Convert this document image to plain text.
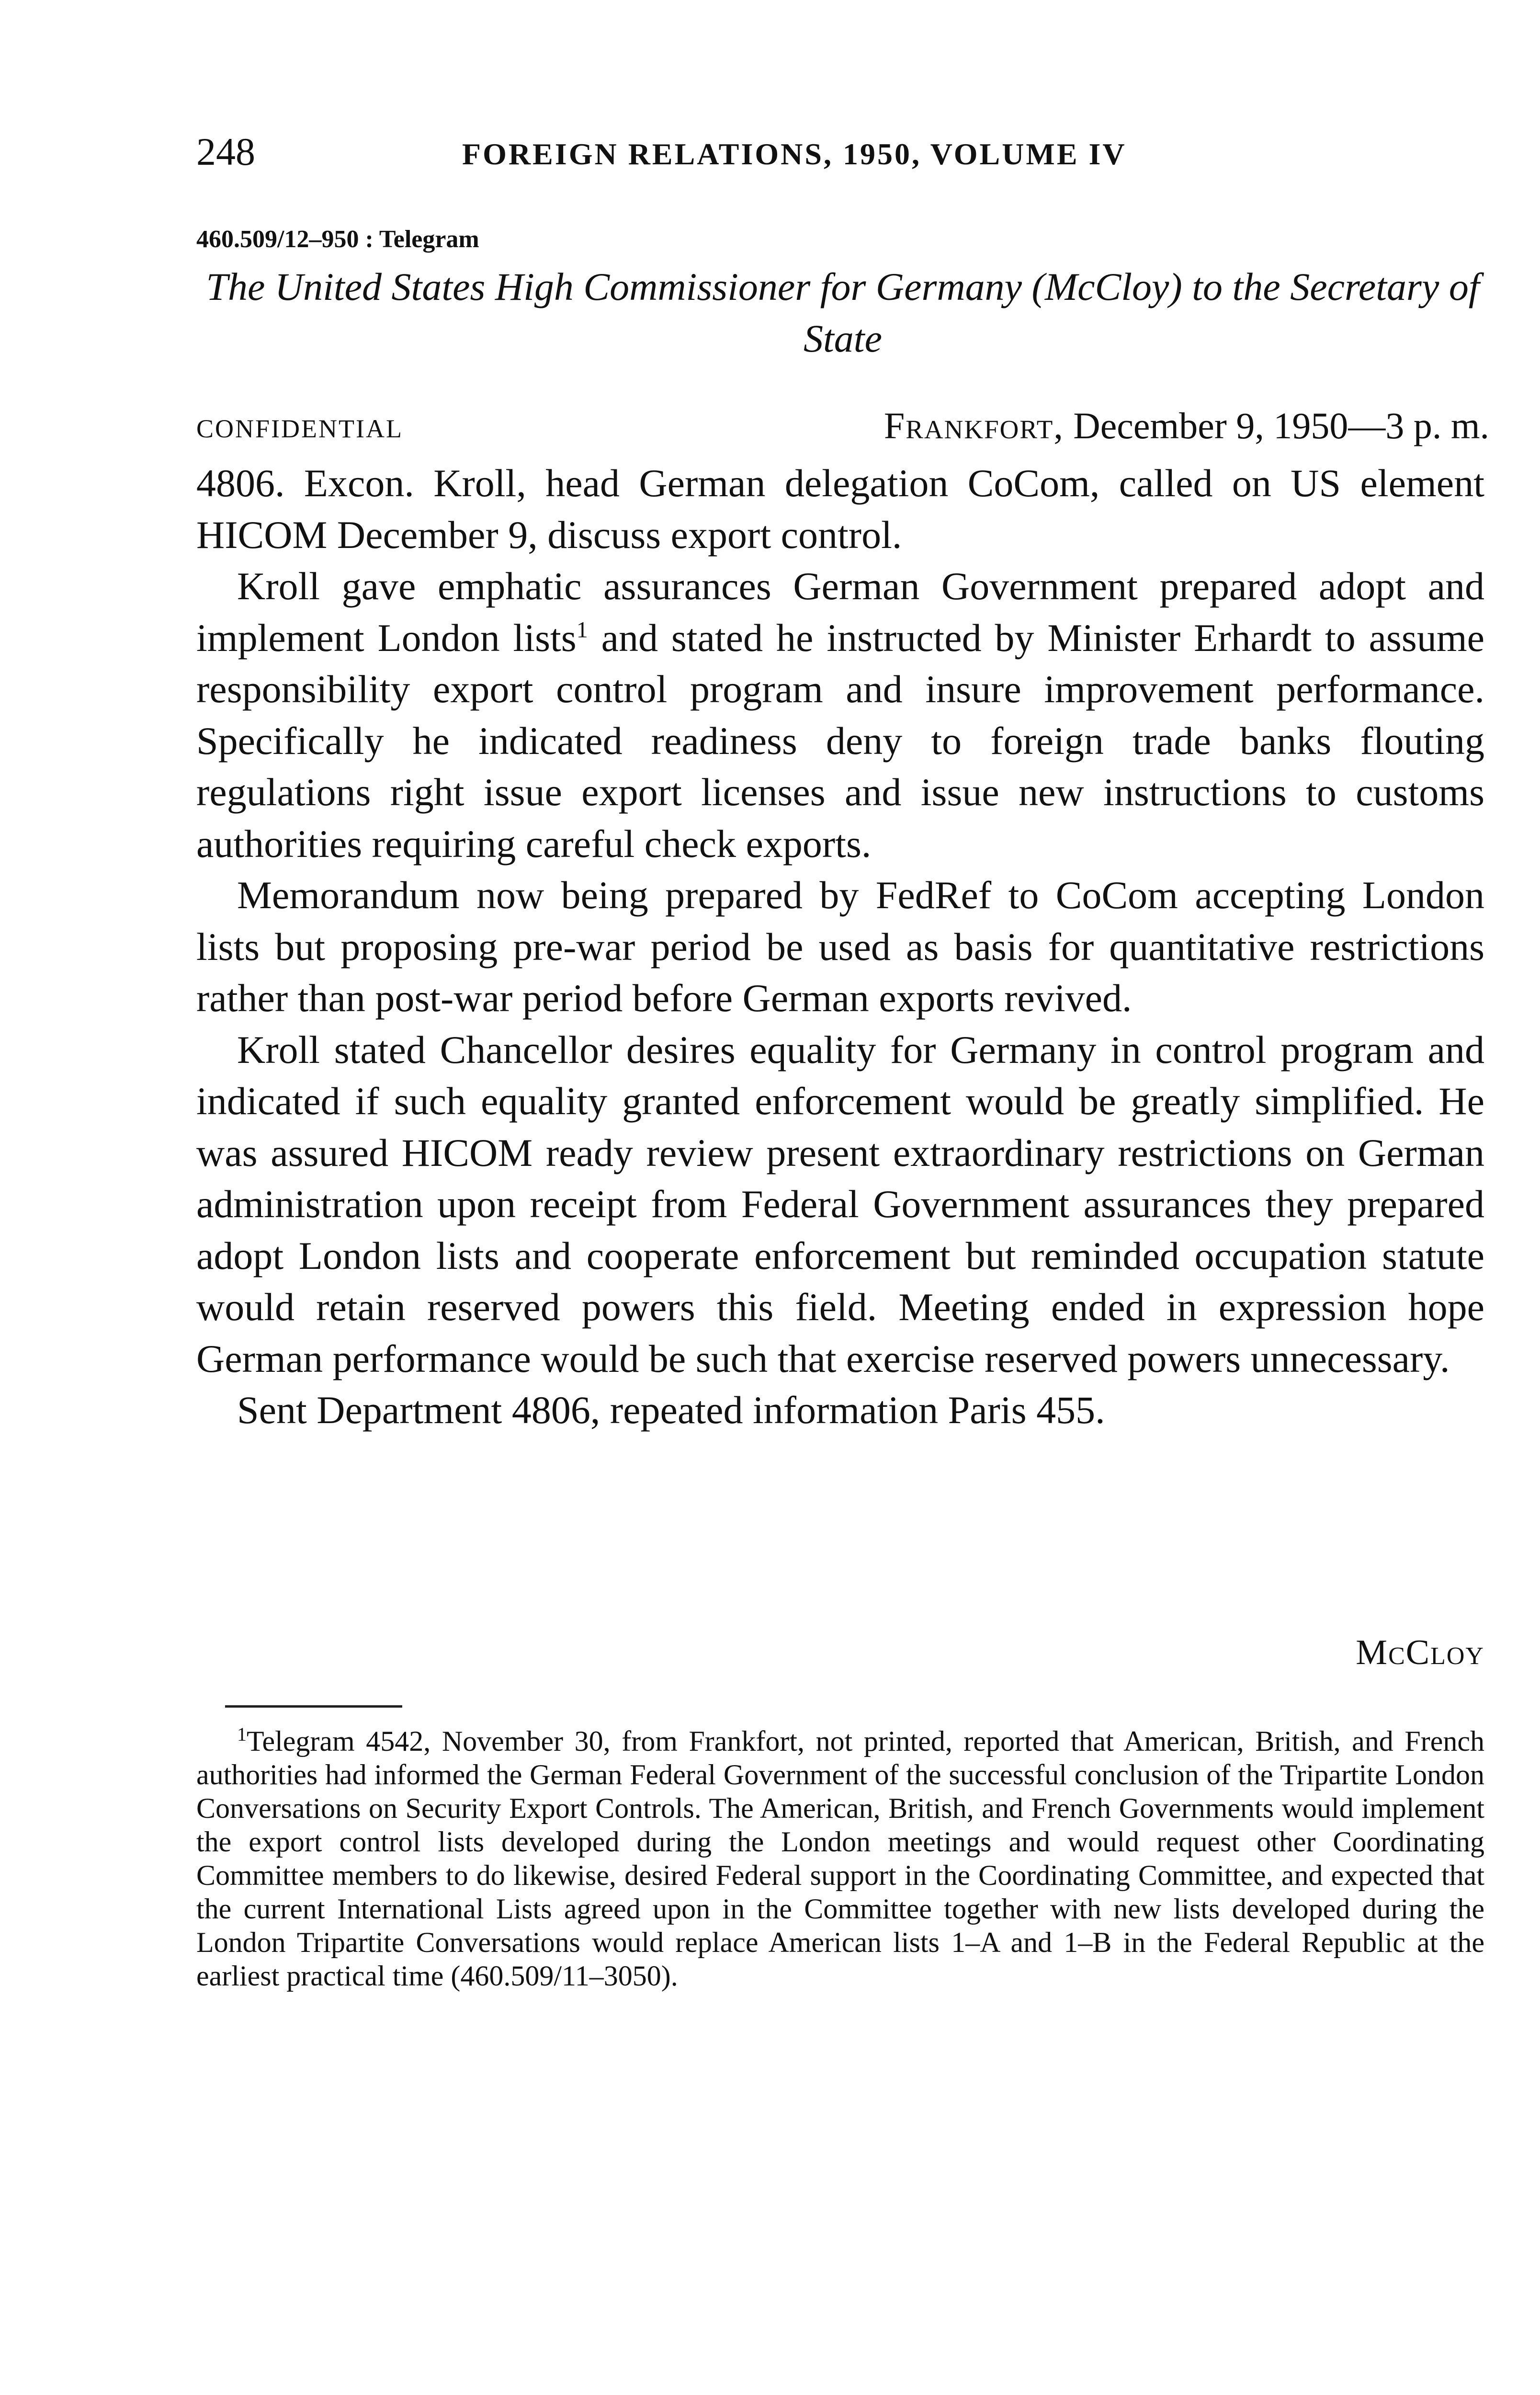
248	FOREIGN RELATIONS, 1950, VOLUME IV
460.509/12–950 : Telegram
The United States High Commissioner for Germany (McCloy) to the Secretary of State
CONFIDENTIAL	Frankfort, December 9, 1950—3 p. m.

4806. Excon. Kroll, head German delegation CoCom, called on US element HICOM December 9, discuss export control.

Kroll gave emphatic assurances German Government prepared adopt and implement London lists$^1$ and stated he instructed by Minister Erhardt to assume responsibility export control program and insure improvement performance. Specifically he indicated readiness deny to foreign trade banks flouting regulations right issue export licenses and issue new instructions to customs authorities requiring careful check exports.

Memorandum now being prepared by FedRef to CoCom accepting London lists but proposing pre-war period be used as basis for quantitative restrictions rather than post-war period before German exports revived.

Kroll stated Chancellor desires equality for Germany in control program and indicated if such equality granted enforcement would be greatly simplified. He was assured HICOM ready review present extraordinary restrictions on German administration upon receipt from Federal Government assurances they prepared adopt London lists and cooperate enforcement but reminded occupation statute would retain reserved powers this field. Meeting ended in expression hope German performance would be such that exercise reserved powers unnecessary.

Sent Department 4806, repeated information Paris 455.

McCloy
$^1$Telegram 4542, November 30, from Frankfort, not printed, reported that American, British, and French authorities had informed the German Federal Government of the successful conclusion of the Tripartite London Conversations on Security Export Controls. The American, British, and French Governments would implement the export control lists developed during the London meetings and would request other Coordinating Committee members to do likewise, desired Federal support in the Coordinating Committee, and expected that the current International Lists agreed upon in the Committee together with new lists developed during the London Tripartite Conversations would replace American lists 1–A and 1–B in the Federal Republic at the earliest practical time (460.509/11–3050).
